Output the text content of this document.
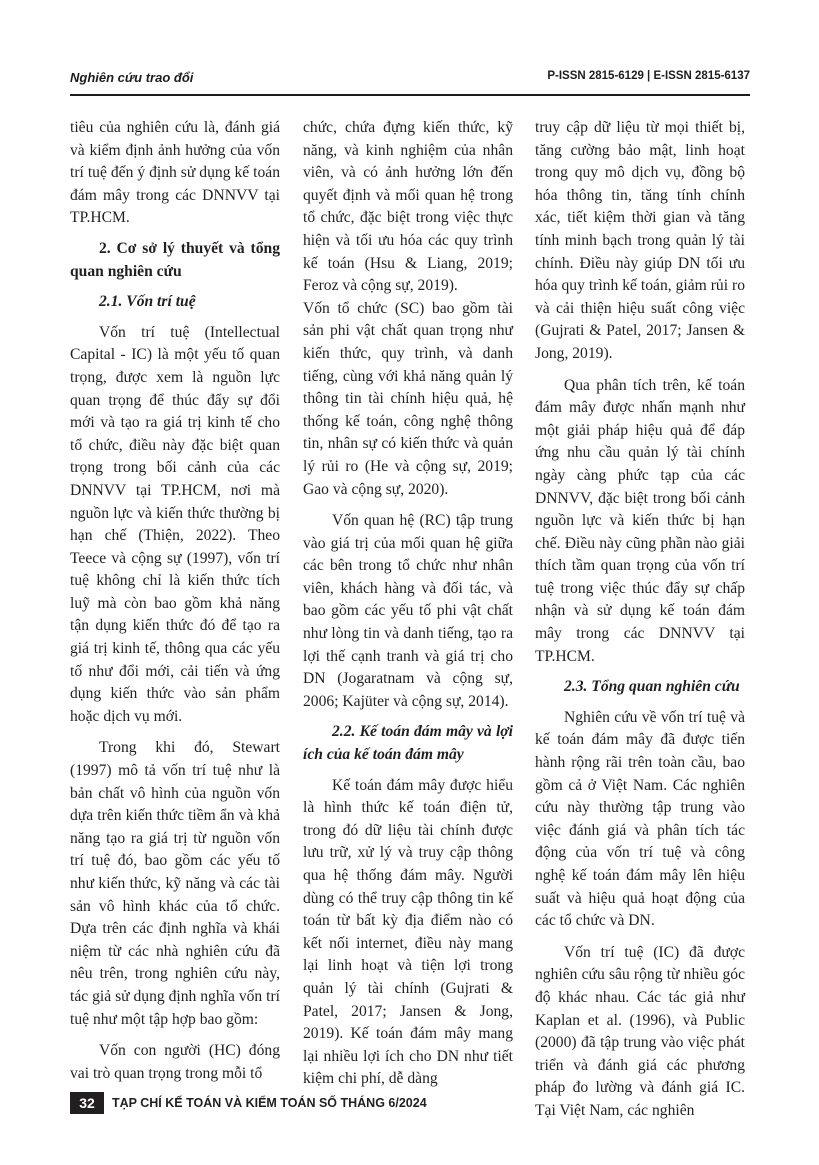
Nghiên cứu trao đổi	P-ISSN 2815-6129 | E-ISSN 2815-6137

tiêu của nghiên cứu là, đánh giá và kiểm định ảnh hưởng của vốn trí tuệ đến ý định sử dụng kế toán đám mây trong các DNNVV tại TP.HCM.

2. Cơ sở lý thuyết và tổng quan nghiên cứu
2.1. Vốn trí tuệ

Vốn trí tuệ (Intellectual Capital - IC) là một yếu tố quan trọng, được xem là nguồn lực quan trọng để thúc đẩy sự đổi mới và tạo ra giá trị kinh tế cho tổ chức, điều này đặc biệt quan trọng trong bối cảnh của các DNNVV tại TP.HCM, nơi mà nguồn lực và kiến thức thường bị hạn chế (Thiện, 2022). Theo Teece và cộng sự (1997), vốn trí tuệ không chỉ là kiến thức tích luỹ mà còn bao gồm khả năng tận dụng kiến thức đó để tạo ra giá trị kinh tế, thông qua các yếu tố như đổi mới, cải tiến và ứng dụng kiến thức vào sản phẩm hoặc dịch vụ mới.

Trong khi đó, Stewart (1997) mô tả vốn trí tuệ như là bản chất vô hình của nguồn vốn dựa trên kiến thức tiềm ẩn và khả năng tạo ra giá trị từ nguồn vốn trí tuệ đó, bao gồm các yếu tố như kiến thức, kỹ năng và các tài sản vô hình khác của tổ chức. Dựa trên các định nghĩa và khái niệm từ các nhà nghiên cứu đã nêu trên, trong nghiên cứu này, tác giả sử dụng định nghĩa vốn trí tuệ như một tập hợp bao gồm:

Vốn con người (HC) đóng vai trò quan trọng trong mỗi tổ

chức, chứa đựng kiến thức, kỹ năng, và kinh nghiệm của nhân viên, và có ảnh hưởng lớn đến quyết định và mối quan hệ trong tổ chức, đặc biệt trong việc thực hiện và tối ưu hóa các quy trình kế toán (Hsu & Liang, 2019; Feroz và cộng sự, 2019).

Vốn tổ chức (SC) bao gồm tài sản phi vật chất quan trọng như kiến thức, quy trình, và danh tiếng, cùng với khả năng quản lý thông tin tài chính hiệu quả, hệ thống kế toán, công nghệ thông tin, nhân sự có kiến thức và quản lý rủi ro (He và cộng sự, 2019; Gao và cộng sự, 2020).

Vốn quan hệ (RC) tập trung vào giá trị của mối quan hệ giữa các bên trong tổ chức như nhân viên, khách hàng và đối tác, và bao gồm các yếu tố phi vật chất như lòng tin và danh tiếng, tạo ra lợi thế cạnh tranh và giá trị cho DN (Jogaratnam và cộng sự, 2006; Kajüter và cộng sự, 2014).

2.2. Kế toán đám mây và lợi ích của kế toán đám mây

Kế toán đám mây được hiểu là hình thức kế toán điện tử, trong đó dữ liệu tài chính được lưu trữ, xử lý và truy cập thông qua hệ thống đám mây. Người dùng có thể truy cập thông tin kế toán từ bất kỳ địa điểm nào có kết nối internet, điều này mang lại linh hoạt và tiện lợi trong quản lý tài chính (Gujrati & Patel, 2017; Jansen & Jong, 2019). Kế toán đám mây mang lại nhiều lợi ích cho DN như tiết kiệm chi phí, dễ dàng

truy cập dữ liệu từ mọi thiết bị, tăng cường bảo mật, linh hoạt trong quy mô dịch vụ, đồng bộ hóa thông tin, tăng tính chính xác, tiết kiệm thời gian và tăng tính minh bạch trong quản lý tài chính. Điều này giúp DN tối ưu hóa quy trình kế toán, giảm rủi ro và cải thiện hiệu suất công việc (Gujrati & Patel, 2017; Jansen & Jong, 2019).

Qua phân tích trên, kế toán đám mây được nhấn mạnh như một giải pháp hiệu quả để đáp ứng nhu cầu quản lý tài chính ngày càng phức tạp của các DNNVV, đặc biệt trong bối cảnh nguồn lực và kiến thức bị hạn chế. Điều này cũng phần nào giải thích tầm quan trọng của vốn trí tuệ trong việc thúc đẩy sự chấp nhận và sử dụng kế toán đám mây trong các DNNVV tại TP.HCM.

2.3. Tổng quan nghiên cứu

Nghiên cứu về vốn trí tuệ và kế toán đám mây đã được tiến hành rộng rãi trên toàn cầu, bao gồm cả ở Việt Nam. Các nghiên cứu này thường tập trung vào việc đánh giá và phân tích tác động của vốn trí tuệ và công nghệ kế toán đám mây lên hiệu suất và hiệu quả hoạt động của các tổ chức và DN.

Vốn trí tuệ (IC) đã được nghiên cứu sâu rộng từ nhiều góc độ khác nhau. Các tác giả như Kaplan et al. (1996), và Public (2000) đã tập trung vào việc phát triển và đánh giá các phương pháp đo lường và đánh giá IC. Tại Việt Nam, các nghiên

32	TẠP CHÍ KẾ TOÁN VÀ KIỂM TOÁN SỐ THÁNG 6/2024
